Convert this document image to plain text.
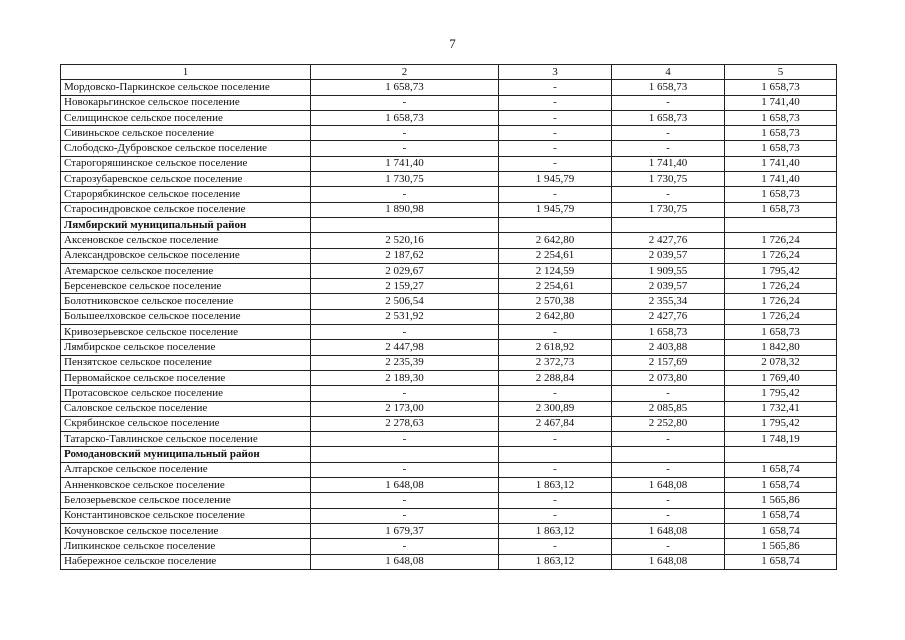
7
1	2	3	4	5
Мордовско-Паркинское сельское поселение	1 658,73	-	1 658,73	1 658,73
Новокарьгинское сельское поселение	-	-	-	1 741,40
Селищинское сельское поселение	1 658,73	-	1 658,73	1 658,73
Сивиньское сельское поселение	-	-	-	1 658,73
Слободско-Дубровское сельское поселение	-	-	-	1 658,73
Старогоряшинское сельское поселение	1 741,40	-	1 741,40	1 741,40
Старозубаревское сельское поселение	1 730,75	1 945,79	1 730,75	1 741,40
Старорябкинское сельское поселение	-	-	-	1 658,73
Старосиндровское сельское поселение	1 890,98	1 945,79	1 730,75	1 658,73
Лямбирский муниципальный район				
Аксеновское сельское поселение	2 520,16	2 642,80	2 427,76	1 726,24
Александровское сельское поселение	2 187,62	2 254,61	2 039,57	1 726,24
Атемарское сельское поселение	2 029,67	2 124,59	1 909,55	1 795,42
Берсеневское сельское поселение	2 159,27	2 254,61	2 039,57	1 726,24
Болотниковское сельское поселение	2 506,54	2 570,38	2 355,34	1 726,24
Большеелховское сельское поселение	2 531,92	2 642,80	2 427,76	1 726,24
Кривозерьевское сельское поселение	-	-	1 658,73	1 658,73
Лямбирское сельское поселение	2 447,98	2 618,92	2 403,88	1 842,80
Пензятское сельское поселение	2 235,39	2 372,73	2 157,69	2 078,32
Первомайское сельское поселение	2 189,30	2 288,84	2 073,80	1 769,40
Протасовское сельское поселение	-	-	-	1 795,42
Саловское сельское поселение	2 173,00	2 300,89	2 085,85	1 732,41
Скрябинское сельское поселение	2 278,63	2 467,84	2 252,80	1 795,42
Татарско-Тавлинское сельское поселение	-	-	-	1 748,19
Ромодановский муниципальный район				
Алтарское сельское поселение	-	-	-	1 658,74
Анненковское сельское поселение	1 648,08	1 863,12	1 648,08	1 658,74
Белозерьевское сельское поселение	-	-	-	1 565,86
Константиновское сельское поселение	-	-	-	1 658,74
Кочуновское сельское поселение	1 679,37	1 863,12	1 648,08	1 658,74
Липкинское сельское поселение	-	-	-	1 565,86
Набережное сельское поселение	1 648,08	1 863,12	1 648,08	1 658,74
